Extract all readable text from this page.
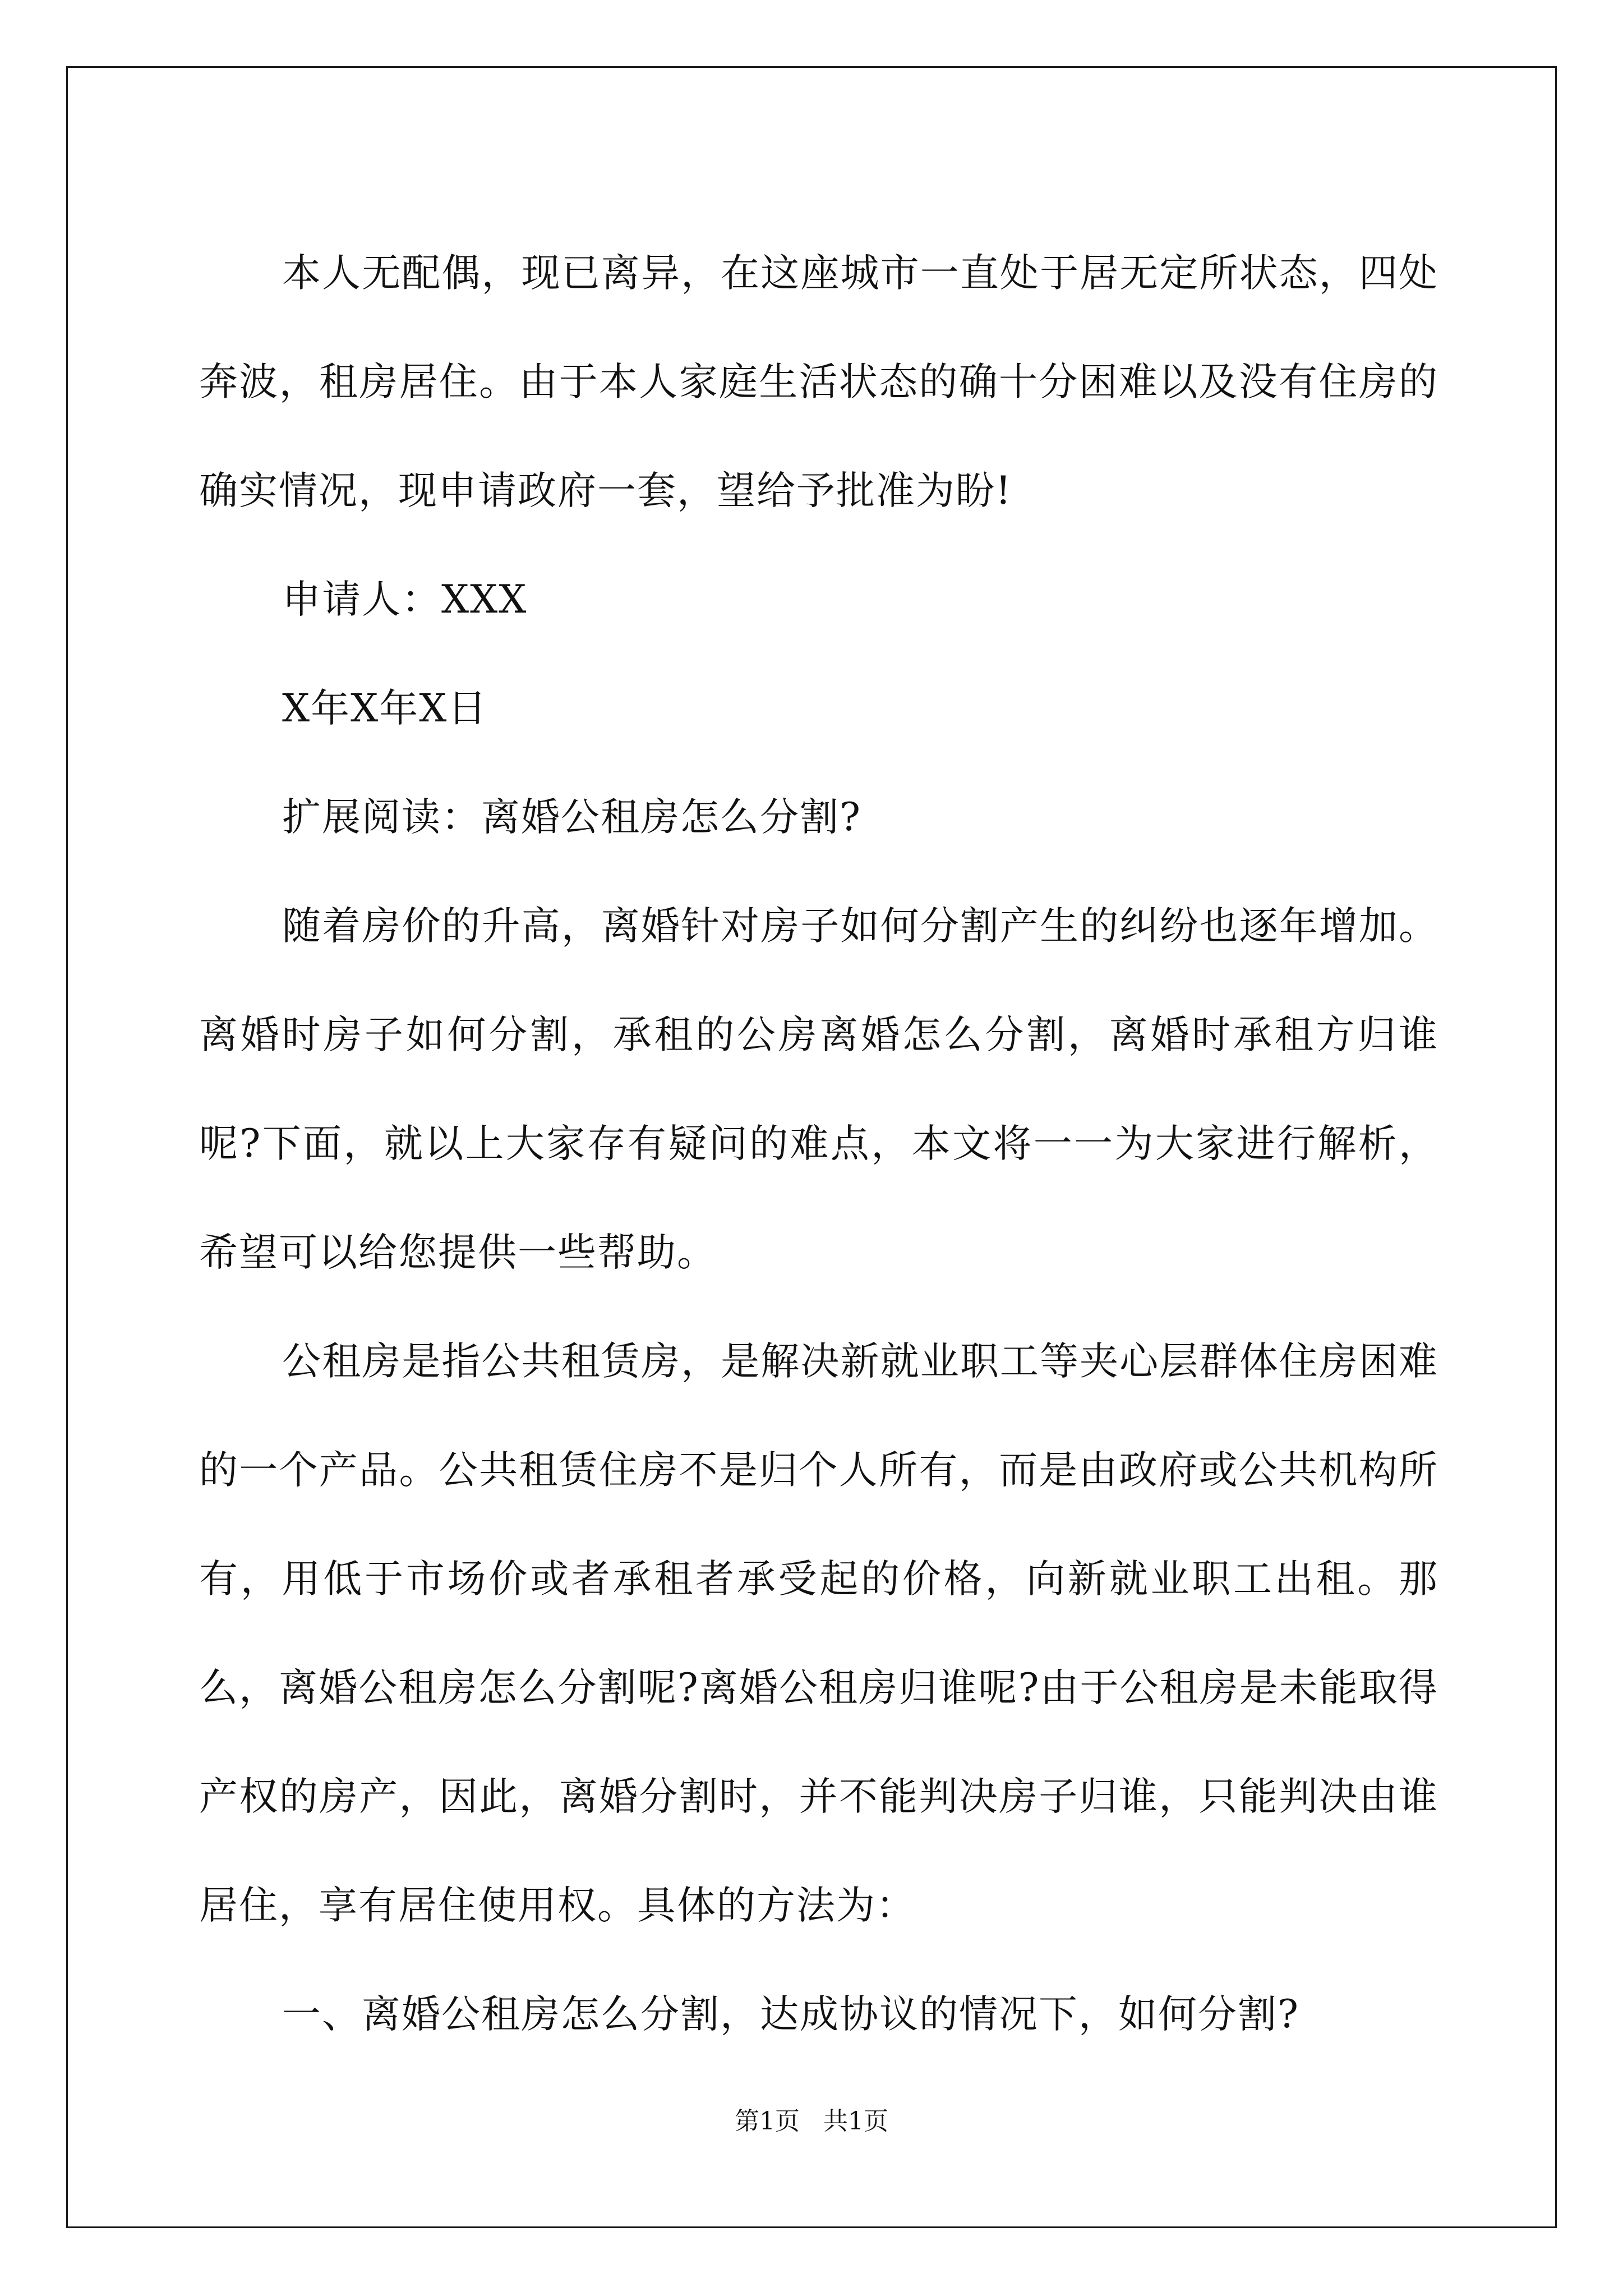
本人无配偶，现已离异，在这座城市一直处于居无定所状态，四处奔波，租房居住。由于本人家庭生活状态的确十分困难以及没有住房的确实情况，现申请政府一套，望给予批准为盼!

申请人：XXX

X年X年X日

扩展阅读：离婚公租房怎么分割?

随着房价的升高，离婚针对房子如何分割产生的纠纷也逐年增加。离婚时房子如何分割，承租的公房离婚怎么分割，离婚时承租方归谁呢?下面，就以上大家存有疑问的难点，本文将一一为大家进行解析，希望可以给您提供一些帮助。

公租房是指公共租赁房，是解决新就业职工等夹心层群体住房困难的一个产品。公共租赁住房不是归个人所有，而是由政府或公共机构所有，用低于市场价或者承租者承受起的价格，向新就业职工出租。那么，离婚公租房怎么分割呢?离婚公租房归谁呢?由于公租房是未能取得产权的房产，因此，离婚分割时，并不能判决房子归谁，只能判决由谁居住，享有居住使用权。具体的方法为：

一、离婚公租房怎么分割，达成协议的情况下，如何分割?

第1页   共1页
